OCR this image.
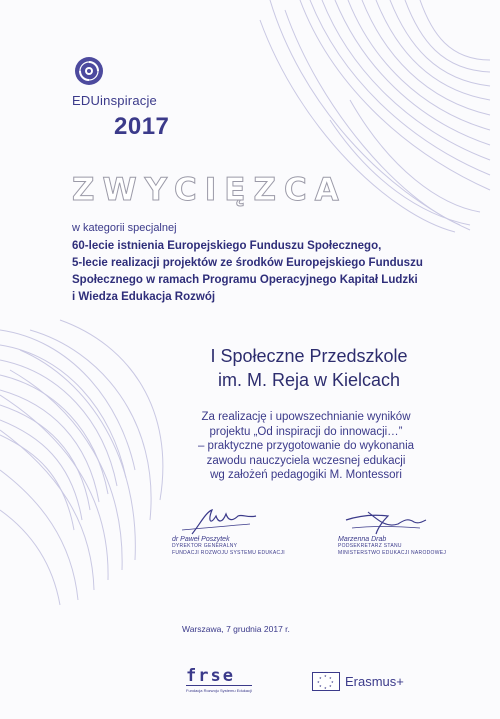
EDUinspiracje
2017
ZWYCIĘZCA
w kategorii specjalnej
60-lecie istnienia Europejskiego Funduszu Społecznego,
5-lecie realizacji projektów ze środków Europejskiego Funduszu
Społecznego w ramach Programu Operacyjnego Kapitał Ludzki
i Wiedza Edukacja Rozwój
I Społeczne Przedszkole
im. M. Reja w Kielcach
Za realizację i upowszechnianie wyników
projektu „Od inspiracji do innowacji…”
– praktyczne przygotowanie do wykonania
zawodu nauczyciela wczesnej edukacji
wg założeń pedagogiki M. Montessori
dr Paweł Poszytek
DYREKTOR GENERALNY
FUNDACJI ROZWOJU SYSTEMU EDUKACJI
Marzenna Drab
PODSEKRETARZ STANU
MINISTERSTWO EDUKACJI NARODOWEJ
Warszawa, 7 grudnia 2017 r.
frse
Fundacja Rozwoju Systemu Edukacji
★ ★
★
★
★
★
★
★ Erasmus+
